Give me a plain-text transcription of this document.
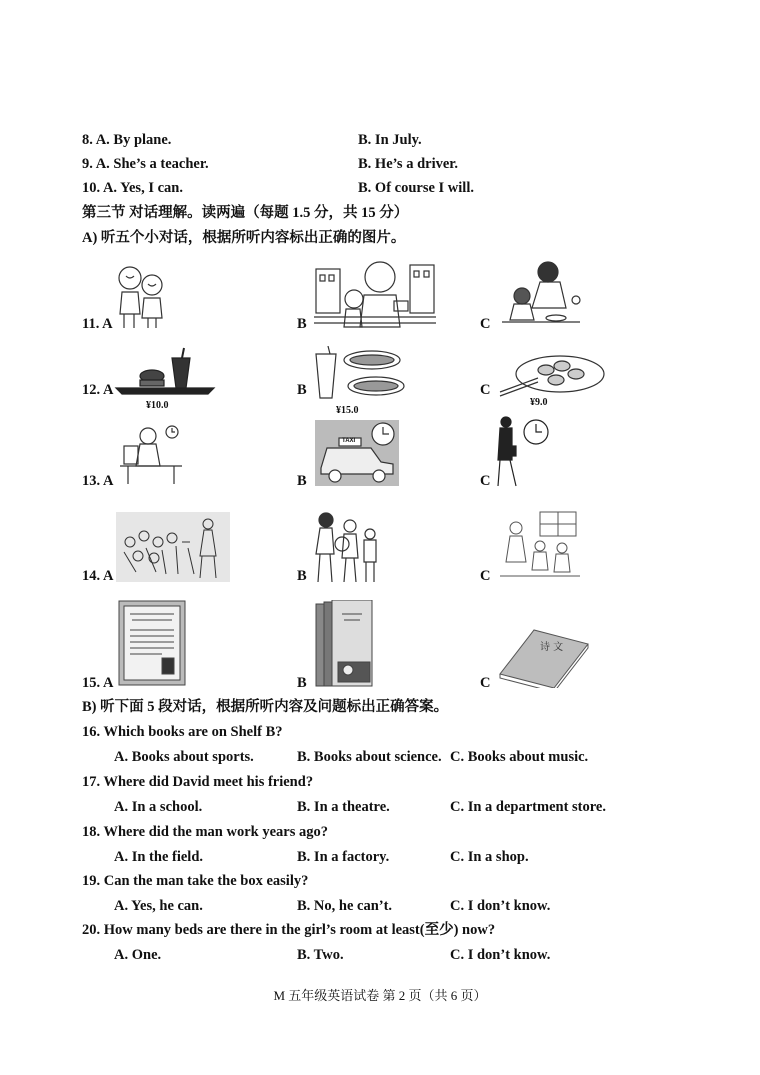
8. A. By plane.	B. In July.
9. A. She’s a teacher.	B. He’s a driver.
10. A. Yes, I can.	B. Of course I will.
第三节 对话理解。读两遍（每题 1.5 分，共 15 分）
A) 听五个小对话，根据所听内容标出正确的图片。
11. A	B	C
12. A
¥10.0
B
¥15.0
C
¥9.0
13. A	B
TAXI
C
14. A	B	C
15. A	B	C
诗 文
B) 听下面 5 段对话，根据所听内容及问题标出正确答案。
16. Which books are on Shelf B?
A. Books about sports.	B. Books about science. C. Books about music.
17. Where did David meet his friend?
A. In a school.	B. In a theatre.	C. In a department store.
18. Where did the man work years ago?
A. In the field.	B. In a factory.	C. In a shop.
19. Can the man take the box easily?
A. Yes, he can.	B. No, he can’t.	C. I don’t know.
20. How many beds are there in the girl’s room at least(至少) now?
A. One.	B. Two.	C. I don’t know.
M 五年级英语试卷 第 2 页（共 6 页）
